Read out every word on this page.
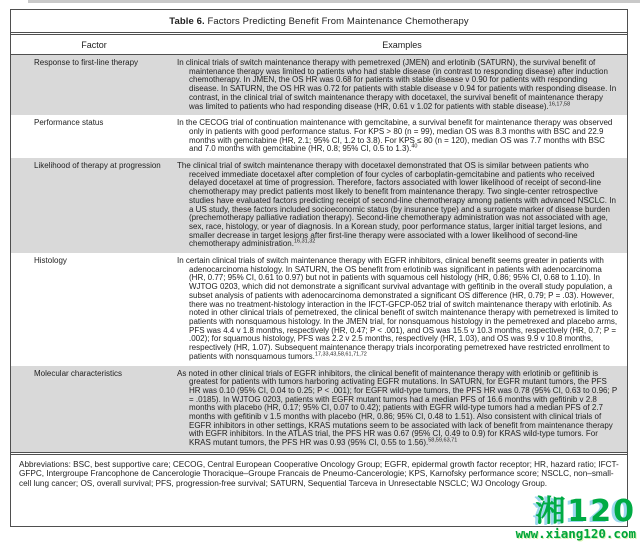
Table 6. Factors Predicting Benefit From Maintenance Chemotherapy
Factor	Examples
Response to first-line therapy	In clinical trials of switch maintenance therapy with pemetrexed (JMEN) and erlotinib (SATURN), the survival benefit of maintenance therapy was limited to patients who had stable disease (in contrast to responding disease) after induction chemotherapy. In JMEN, the OS HR was 0.68 for patients with stable disease v 0.90 for patients with responding disease. In SATURN, the OS HR was 0.72 for patients with stable disease v 0.94 for patients with responding disease. In contrast, in the clinical trial of switch maintenance therapy with docetaxel, the survival benefit of maintenance therapy was limited to patients who had responding disease (HR, 0.61 v 1.02 for patients with stable disease).$^{16,17,58}$
Performance status	In the CECOG trial of continuation maintenance with gemcitabine, a survival benefit for maintenance therapy was observed only in patients with good performance status. For KPS > 80 (n = 99), median OS was 8.3 months with BSC and 22.9 months with gemcitabine (HR, 2.1; 95% CI, 1.2 to 3.8). For KPS ≤ 80 (n = 120), median OS was 7.7 months with BSC and 7.0 months with gemcitabine (HR, 0.8; 95% CI, 0.5 to 1.3).$^{40}$
Likelihood of therapy at progression	The clinical trial of switch maintenance therapy with docetaxel demonstrated that OS is similar between patients who received immediate docetaxel after completion of four cycles of carboplatin-gemcitabine and patients who received delayed docetaxel at time of progression. Therefore, factors associated with lower likelihood of receipt of second-line chemotherapy may predict patients most likely to benefit from maintenance therapy. Two single-center retrospective studies have evaluated factors predicting receipt of second-line chemotherapy among patients with advanced NSCLC. In a US study, these factors included socioeconomic status (by insurance type) and a surrogate marker of disease burden (prechemotherapy palliative radiation therapy). Second-line chemotherapy administration was not associated with age, sex, race, histology, or year of diagnosis. In a Korean study, poor performance status, larger initial target lesions, and smaller decrease in target lesions after first-line therapy were associated with a lower likelihood of second-line chemotherapy administration.$^{16,31,32}$
Histology	In certain clinical trials of switch maintenance therapy with EGFR inhibitors, clinical benefit seems greater in patients with adenocarcinoma histology. In SATURN, the OS benefit from erlotinib was significant in patients with adenocarcinoma (HR, 0.77; 95% CI, 0.61 to 0.97) but not in patients with squamous cell histology (HR, 0.86; 95% CI, 0.68 to 1.10). In WJTOG 0203, which did not demonstrate a significant survival advantage with gefitinib in the overall study population, a subset analysis of patients with adenocarcinoma demonstrated a significant OS difference (HR, 0.79; P = .03). However, there was no treatment-histology interaction in the IFCT-GFCP-052 trial of switch maintenance therapy with erlotinib. As noted in other clinical trials of pemetrexed, the clinical benefit of switch maintenance therapy with pemetrexed is limited to patients with nonsquamous histology. In the JMEN trial, for nonsquamous histology in the pemetrexed and placebo arms, PFS was 4.4 v 1.8 months, respectively (HR, 0.47; P < .001), and OS was 15.5 v 10.3 months, respectively (HR, 0.7; P = .002); for squamous histology, PFS was 2.2 v 2.5 months, respectively (HR, 1.03), and OS was 9.9 v 10.8 months, respectively (HR, 1.07). Subsequent maintenance therapy trials incorporating pemetrexed have restricted enrollment to patients with nonsquamous tumors.$^{17,33,43,58,61,71,72}$
Molecular characteristics	As noted in other clinical trials of EGFR inhibitors, the clinical benefit of maintenance therapy with erlotinib or gefitinib is greatest for patients with tumors harboring activating EGFR mutations. In SATURN, for EGFR mutant tumors, the PFS HR was 0.10 (95% CI, 0.04 to 0.25; P < .001); for EGFR wild-type tumors, the PFS HR was 0.78 (95% CI, 0.63 to 0.96; P = .0185). In WJTOG 0203, patients with EGFR mutant tumors had a median PFS of 16.6 months with gefitinib v 2.8 months with placebo (HR, 0.17; 95% CI, 0.07 to 0.42); patients with EGFR wild-type tumors had a median PFS of 2.7 months with gefitinib v 1.5 months with placebo (HR, 0.86; 95% CI, 0.48 to 1.51). Also consistent with clinical trials of EGFR inhibitors in other settings, KRAS mutations seem to be associated with lack of benefit from maintenance therapy with EGFR inhibitors. In the ATLAS trial, the PFS HR was 0.67 (95% CI, 0.49 to 0.9) for KRAS wild-type tumors. For KRAS mutant tumors, the PFS HR was 0.93 (95% CI, 0.55 to 1.56).$^{58,59,63,71}$
Abbreviations: BSC, best supportive care; CECOG, Central European Cooperative Oncology Group; EGFR, epidermal growth factor receptor; HR, hazard ratio; IFCT-GFPC, Intergroupe Francophone de Cancerologie Thoracique–Groupe Francais de Pneumo-Cancerologie; KPS, Karnofsky performance score; NSCLC, non–small-cell lung cancer; OS, overall survival; PFS, progression-free survival; SATURN, Sequential Tarceva in Unresectable NSCLC; WJ Oncology Group.
湘120
www.xiang120.com
